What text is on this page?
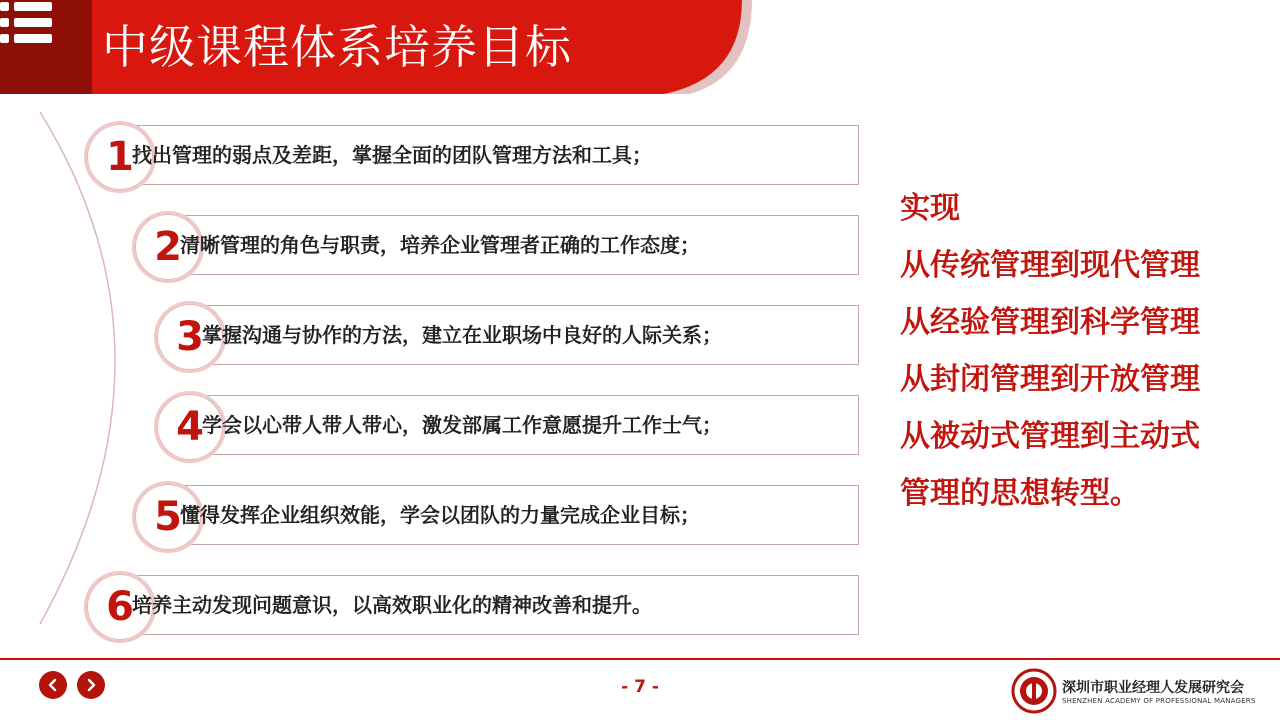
中级课程体系培养目标
1
找出管理的弱点及差距，掌握全面的团队管理方法和工具；
2
清晰管理的角色与职责，培养企业管理者正确的工作态度；
3
掌握沟通与协作的方法，建立在业职场中良好的人际关系；
4
学会以心带人带人带心，激发部属工作意愿提升工作士气；
5
懂得发挥企业组织效能，学会以团队的力量完成企业目标；
6
培养主动发现问题意识，以高效职业化的精神改善和提升。
实现
从传统管理到现代管理
从经验管理到科学管理
从封闭管理到开放管理
从被动式管理到主动式
管理的思想转型。
- 7 -	深圳市职业经理人发展研究会
SHENZHEN ACADEMY OF PROFESSIONAL MANAGERS
